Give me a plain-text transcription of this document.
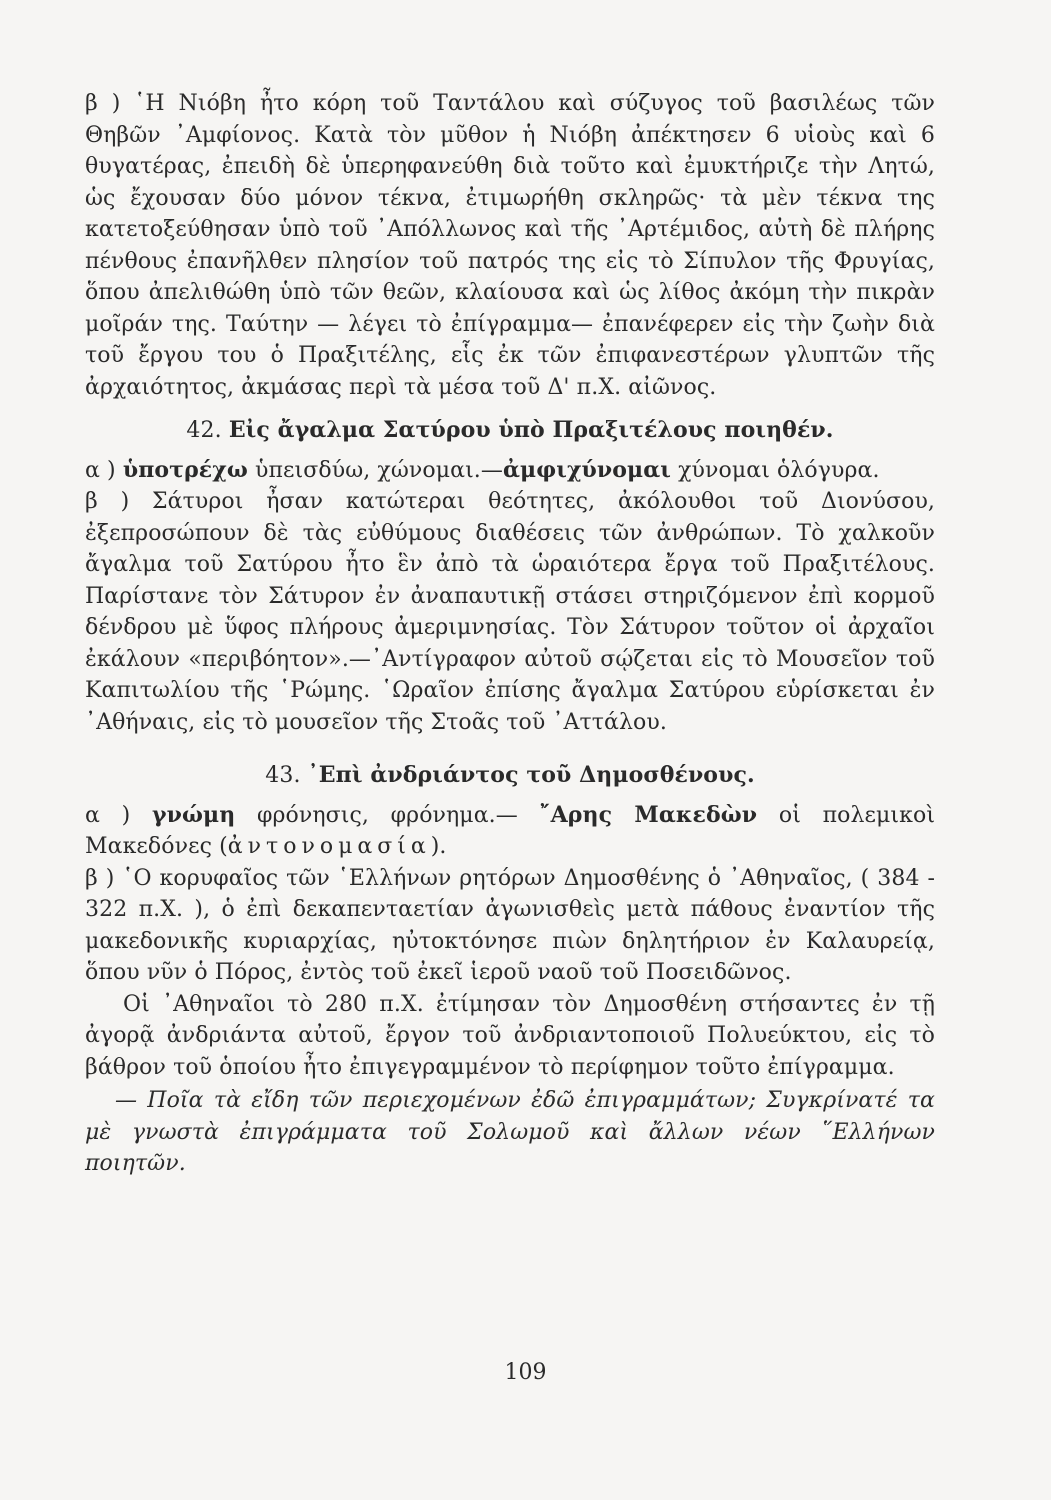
β ) ῾Η Νιόβη ἦτο κόρη τοῦ Ταντάλου καὶ σύζυγος τοῦ βασιλέως τῶν Θηβῶν ᾿Αμφίονος. Κατὰ τὸν μῦθον ἡ Νιόβη ἀπέκτησεν 6 υἱοὺς καὶ 6 θυγατέρας, ἐπειδὴ δὲ ὑπερηφανεύθη διὰ τοῦτο καὶ ἐμυκτήριζε τὴν Λητώ, ὡς ἔχουσαν δύο μόνον τέκνα, ἐτιμωρήθη σκληρῶς· τὰ μὲν τέκνα της κατετοξεύθησαν ὑπὸ τοῦ ᾿Απόλλωνος καὶ τῆς ᾿Αρτέμιδος, αὐτὴ δὲ πλήρης πένθους ἐπανῆλθεν πλησίον τοῦ πατρός της εἰς τὸ Σίπυλον τῆς Φρυγίας, ὅπου ἀπελιθώθη ὑπὸ τῶν θεῶν, κλαίουσα καὶ ὡς λίθος ἀκόμη τὴν πικρὰν μοῖράν της. Ταύτην — λέγει τὸ ἐπίγραμμα— ἐπανέφερεν εἰς τὴν ζωὴν διὰ τοῦ ἔργου του ὁ Πραξιτέλης, εἷς ἐκ τῶν ἐπιφανεστέρων γλυπτῶν τῆς ἀρχαιότητος, ἀκμάσας περὶ τὰ μέσα τοῦ Δ' π.Χ. αἰῶνος.

42. Εἰς ἄγαλμα Σατύρου ὑπὸ Πραξιτέλους ποιηθέν.

α ) ὑποτρέχω ὑπεισδύω, χώνομαι.—ἀμφιχύνομαι χύνομαι ὁλόγυρα.

β ) Σάτυροι ἦσαν κατώτεραι θεότητες, ἀκόλουθοι τοῦ Διονύσου, ἐξεπροσώπουν δὲ τὰς εὐθύμους διαθέσεις τῶν ἀνθρώπων. Τὸ χαλκοῦν ἄγαλμα τοῦ Σατύρου ἦτο ἓν ἀπὸ τὰ ὡραιότερα ἔργα τοῦ Πραξιτέλους. Παρίστανε τὸν Σάτυρον ἐν ἀναπαυτικῇ στάσει στηριζόμενον ἐπὶ κορμοῦ δένδρου μὲ ὕφος πλήρους ἀμεριμνησίας. Τὸν Σάτυρον τοῦτον οἱ ἀρχαῖοι ἐκάλουν «περιβόητον».—᾿Αντίγραφον αὐτοῦ σῴζεται εἰς τὸ Μουσεῖον τοῦ Καπιτωλίου τῆς ῾Ρώμης. ῾Ωραῖον ἐπίσης ἄγαλμα Σατύρου εὑρίσκεται ἐν ᾿Αθήναις, εἰς τὸ μουσεῖον τῆς Στοᾶς τοῦ ᾿Αττάλου.

43. ᾿Επὶ ἀνδριάντος τοῦ Δημοσθένους.

α ) γνώμη φρόνησις, φρόνημα.— ῎Αρης Μακεδὼν οἱ πολεμικοὶ Μακεδόνες (ἀντονομασία).

β ) ῾Ο κορυφαῖος τῶν ῾Ελλήνων ρητόρων Δημοσθένης ὁ ᾿Αθηναῖος, ( 384 - 322 π.Χ. ), ὁ ἐπὶ δεκαπενταετίαν ἀγωνισθεὶς μετὰ πάθους ἐναντίον τῆς μακεδονικῆς κυριαρχίας, ηὐτοκτόνησε πιὼν δηλητήριον ἐν Καλαυρείᾳ, ὅπου νῦν ὁ Πόρος, ἐντὸς τοῦ ἐκεῖ ἱεροῦ ναοῦ τοῦ Ποσειδῶνος.

Οἱ ᾿Αθηναῖοι τὸ 280 π.Χ. ἐτίμησαν τὸν Δημοσθένη στήσαντες ἐν τῇ ἀγορᾷ ἀνδριάντα αὐτοῦ, ἔργον τοῦ ἀνδριαντοποιοῦ Πολυεύκτου, εἰς τὸ βάθρον τοῦ ὁποίου ἦτο ἐπιγεγραμμένον τὸ περίφημον τοῦτο ἐπίγραμμα.

— Ποῖα τὰ εἴδη τῶν περιεχομένων ἐδῶ ἐπιγραμμάτων; Συγκρίνατέ τα μὲ γνωστὰ ἐπιγράμματα τοῦ Σολωμοῦ καὶ ἄλλων νέων ῞Ελλήνων ποιητῶν.

109
